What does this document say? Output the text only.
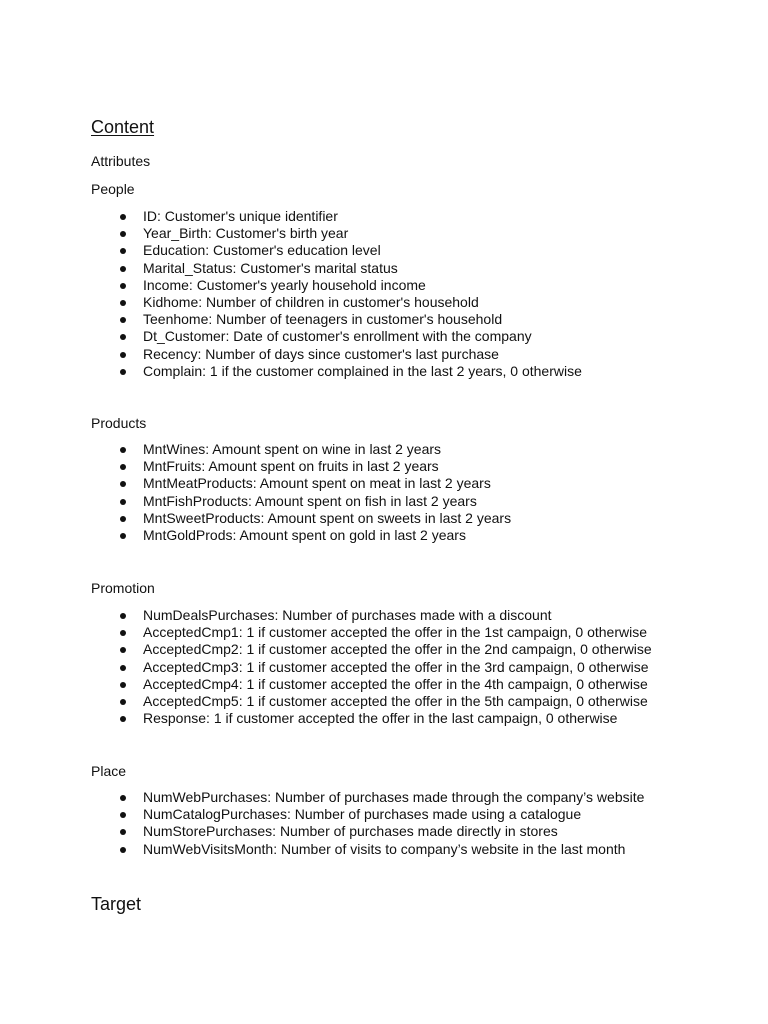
Content

Attributes

People

ID: Customer's unique identifier
Year_Birth: Customer's birth year
Education: Customer's education level
Marital_Status: Customer's marital status
Income: Customer's yearly household income
Kidhome: Number of children in customer's household
Teenhome: Number of teenagers in customer's household
Dt_Customer: Date of customer's enrollment with the company
Recency: Number of days since customer's last purchase
Complain: 1 if the customer complained in the last 2 years, 0 otherwise

Products

MntWines: Amount spent on wine in last 2 years
MntFruits: Amount spent on fruits in last 2 years
MntMeatProducts: Amount spent on meat in last 2 years
MntFishProducts: Amount spent on fish in last 2 years
MntSweetProducts: Amount spent on sweets in last 2 years
MntGoldProds: Amount spent on gold in last 2 years

Promotion

NumDealsPurchases: Number of purchases made with a discount
AcceptedCmp1: 1 if customer accepted the offer in the 1st campaign, 0 otherwise
AcceptedCmp2: 1 if customer accepted the offer in the 2nd campaign, 0 otherwise
AcceptedCmp3: 1 if customer accepted the offer in the 3rd campaign, 0 otherwise
AcceptedCmp4: 1 if customer accepted the offer in the 4th campaign, 0 otherwise
AcceptedCmp5: 1 if customer accepted the offer in the 5th campaign, 0 otherwise
Response: 1 if customer accepted the offer in the last campaign, 0 otherwise

Place

NumWebPurchases: Number of purchases made through the company’s website
NumCatalogPurchases: Number of purchases made using a catalogue
NumStorePurchases: Number of purchases made directly in stores
NumWebVisitsMonth: Number of visits to company’s website in the last month
Target
